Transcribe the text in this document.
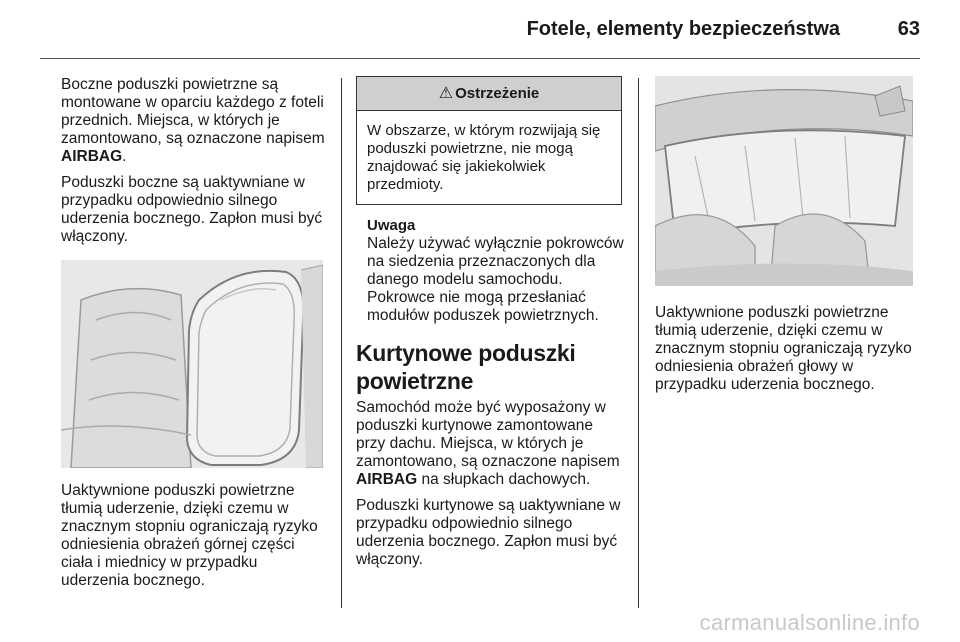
Fotele, elementy bezpieczeństwa	63

Boczne poduszki powietrzne są montowane w oparciu każdego z foteli przednich. Miejsca, w których je zamontowano, są oznaczone napisem AIRBAG.

Poduszki boczne są uaktywniane w przypadku odpowiednio silnego uderzenia bocznego. Zapłon musi być włączony.

Uaktywnione poduszki powietrzne tłumią uderzenie, dzięki czemu w znacznym stopniu ograniczają ryzyko odniesienia obrażeń górnej części ciała i miednicy w przypadku uderzenia bocznego.

⚠ Ostrzeżenie
W obszarze, w którym rozwijają się poduszki powietrzne, nie mogą znajdować się jakiekolwiek przedmioty.
Uwaga
Należy używać wyłącznie pokrowców na siedzenia przeznaczonych dla danego modelu samochodu. Pokrowce nie mogą przesłaniać modułów poduszek powietrznych.
Kurtynowe poduszki powietrzne

Samochód może być wyposażony w poduszki kurtynowe zamontowane przy dachu. Miejsca, w których je zamontowano, są oznaczone napisem AIRBAG na słupkach dachowych.

Poduszki kurtynowe są uaktywniane w przypadku odpowiednio silnego uderzenia bocznego. Zapłon musi być włączony.

Uaktywnione poduszki powietrzne tłumią uderzenie, dzięki czemu w znacznym stopniu ograniczają ryzyko odniesienia obrażeń głowy w przypadku uderzenia bocznego.

carmanualsonline.info
